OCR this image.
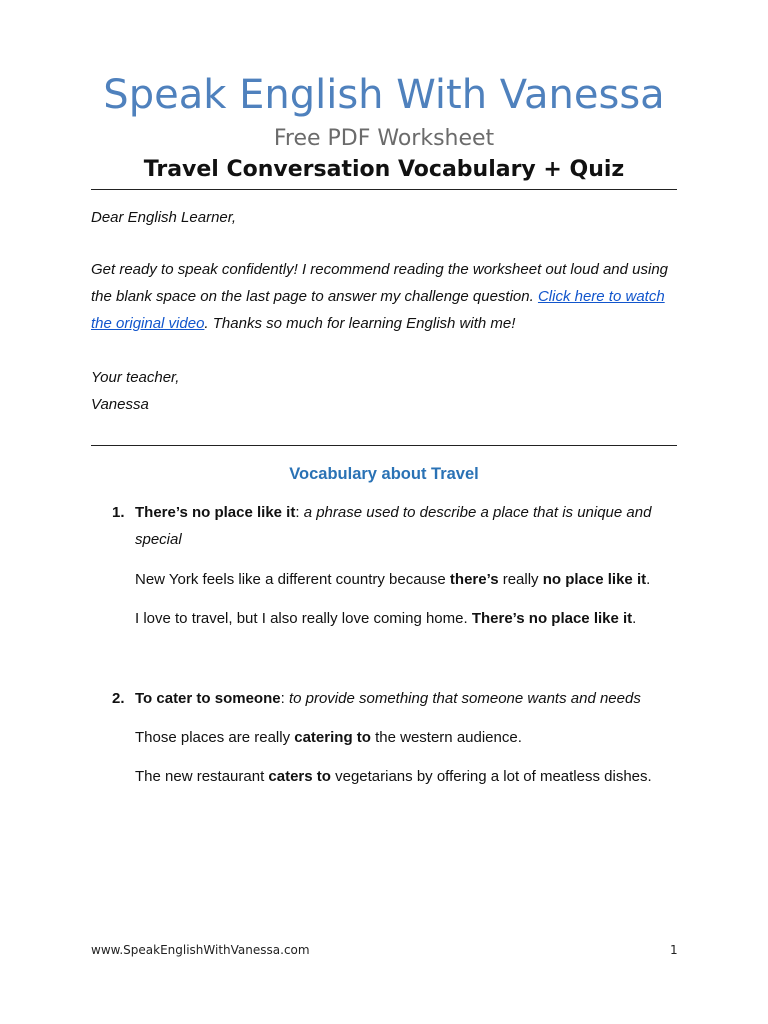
Speak English With Vanessa
Free PDF Worksheet
Travel Conversation Vocabulary + Quiz
Dear English Learner,
Get ready to speak confidently! I recommend reading the worksheet out loud and using the blank space on the last page to answer my challenge question. Click here to watch the original video. Thanks so much for learning English with me!
Your teacher,
Vanessa
Vocabulary about Travel
1. There’s no place like it: a phrase used to describe a place that is unique and special
New York feels like a different country because there’s really no place like it.
I love to travel, but I also really love coming home. There’s no place like it.
2. To cater to someone: to provide something that someone wants and needs
Those places are really catering to the western audience.
The new restaurant caters to vegetarians by offering a lot of meatless dishes.
www.SpeakEnglishWithVanessa.com	1
